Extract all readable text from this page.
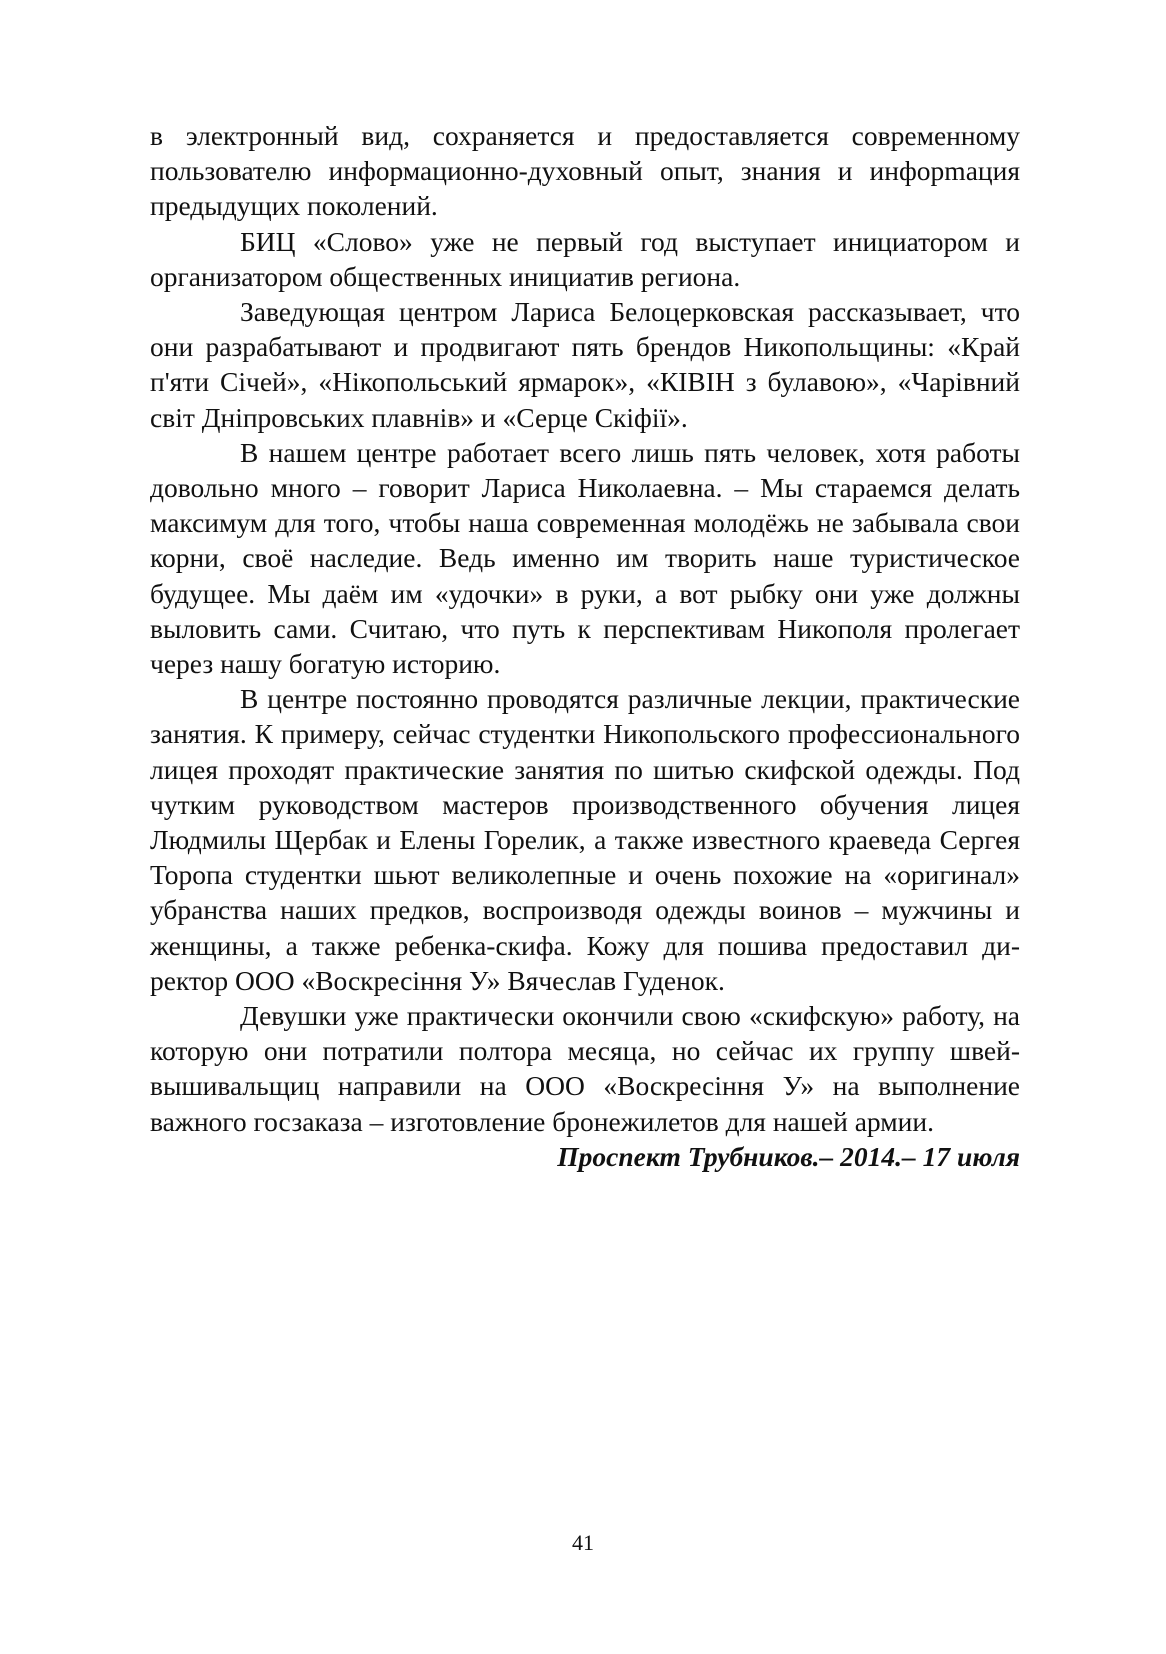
в электронный вид, сохраняется и предоставляется современному пользователю информационно-духовный опыт, знания и инфорmация предыдущих поколений.

БИЦ «Слово» уже не первый год выступает инициатором и организатором общественных инициатив региона.

Заведующая центром Лариса Белоцерковская рассказывает, что они разрабатывают и продвигают пять брендов Никопольщины: «Край п'яти Січей», «Нікопольський ярмарок», «КІВІН з булавою», «Чарівний світ Дніпровських плавнів» и «Серце Скіфії».

В нашем центре работает всего лишь пять человек, хотя работы довольно много – говорит Лариса Николаевна. – Мы стараемся делать максимум для того, чтобы наша современная молодёжь не забывала свои корни, своё наследие. Ведь именно им творить наше туристическое будущее. Мы даём им «удочки» в руки, а вот рыбку они уже должны выловить сами. Считаю, что путь к перспективам Никополя пролегает через нашу богатую историю.

В центре постоянно проводятся различные лекции, практические занятия. К примеру, сейчас студентки Никопольского профессионального лицея проходят практические занятия по шитью скифской одежды. Под чутким руководством мастеров производственного обучения лицея Людмилы Щербак и Елены Горелик, а также известного краеведа Сергея Торопа студентки шьют великолепные и очень похожие на «оригинал» убранства наших предков, воспроизводя одежды воинов – мужчины и женщины, а также ребенка-скифа. Кожу для пошива предоставил директор ООО «Воскресіння У» Вячеслав Гуденок.

Девушки уже практически окончили свою «скифскую» работу, на которую они потратили полтора месяца, но сейчас их группу швей-вышивальщиц направили на ООО «Воскресіння У» на выполнение важного госзаказа – изготовление бронежилетов для нашей армии.

Проспект Трубников.– 2014.– 17 июля

41
